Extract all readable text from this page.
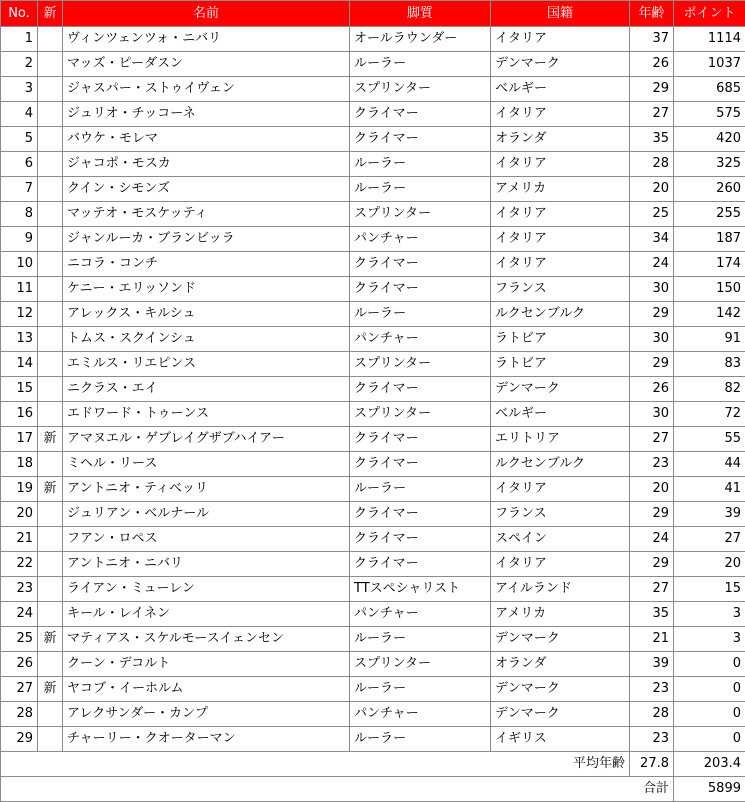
No.	新	名前	脚質	国籍	年齢	ポイント
1		ヴィンツェンツォ・ニバリ	オールラウンダー	イタリア	37	1114
2		マッズ・ピーダスン	ルーラー	デンマーク	26	1037
3		ジャスパー・ストゥイヴェン	スプリンター	ベルギー	29	685
4		ジュリオ・チッコーネ	クライマー	イタリア	27	575
5		バウケ・モレマ	クライマー	オランダ	35	420
6		ジャコポ・モスカ	ルーラー	イタリア	28	325
7		クイン・シモンズ	ルーラー	アメリカ	20	260
8		マッテオ・モスケッティ	スプリンター	イタリア	25	255
9		ジャンルーカ・ブランビッラ	パンチャー	イタリア	34	187
10		ニコラ・コンチ	クライマー	イタリア	24	174
11		ケニー・エリッソンド	クライマー	フランス	30	150
12		アレックス・キルシュ	ルーラー	ルクセンブルク	29	142
13		トムス・スクインシュ	パンチャー	ラトビア	30	91
14		エミルス・リエピンス	スプリンター	ラトビア	29	83
15		ニクラス・エイ	クライマー	デンマーク	26	82
16		エドワード・トゥーンス	スプリンター	ベルギー	30	72
17	新	アマヌエル・ゲブレイグザブハイアー	クライマー	エリトリア	27	55
18		ミヘル・リース	クライマー	ルクセンブルク	23	44
19	新	アントニオ・ティベッリ	ルーラー	イタリア	20	41
20		ジュリアン・ベルナール	クライマー	フランス	29	39
21		フアン・ロペス	クライマー	スペイン	24	27
22		アントニオ・ニバリ	クライマー	イタリア	29	20
23		ライアン・ミューレン	TTスペシャリスト	アイルランド	27	15
24		キール・レイネン	パンチャー	アメリカ	35	3
25	新	マティアス・スケルモースイェンセン	ルーラー	デンマーク	21	3
26		クーン・デコルト	スプリンター	オランダ	39	0
27	新	ヤコブ・イーホルム	ルーラー	デンマーク	23	0
28		アレクサンダー・カンプ	パンチャー	デンマーク	28	0
29		チャーリー・クオーターマン	ルーラー	イギリス	23	0
平均年齢					27.8	203.4
合計						5899
